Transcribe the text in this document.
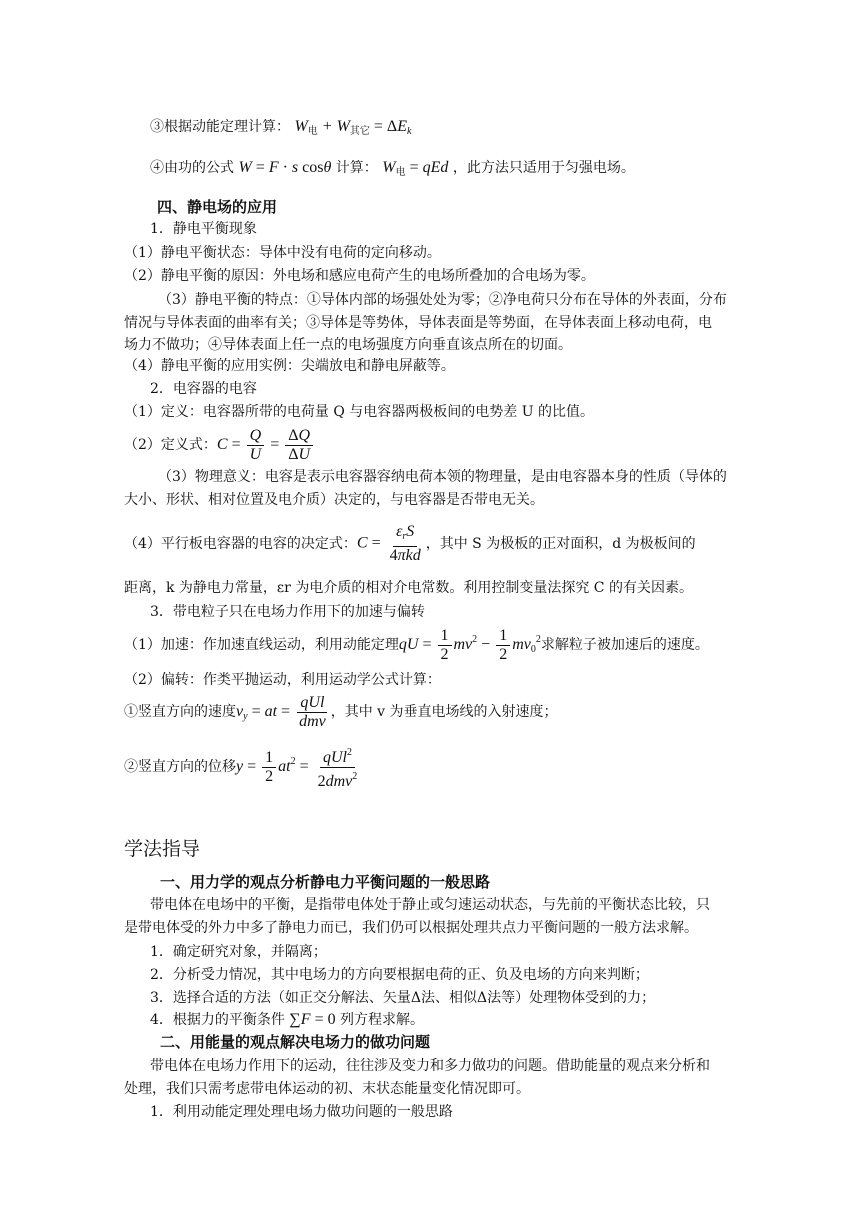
③根据动能定理计算： $W_电 + W_{其它} = \Delta E_k$
④由功的公式 W = F · s cosθ 计算： $W_电$ = qEd ，此方法只适用于匀强电场。
四、静电场的应用
1．静电平衡现象
（1）静电平衡状态：导体中没有电荷的定向移动。
（2）静电平衡的原因：外电场和感应电荷产生的电场所叠加的合电场为零。
（3）静电平衡的特点：①导体内部的场强处处为零；②净电荷只分布在导体的外表面，分布
情况与导体表面的曲率有关；③导体是等势体，导体表面是等势面，在导体表面上移动电荷，电
场力不做功；④导体表面上任一点的电场强度方向垂直该点所在的切面。
（4）静电平衡的应用实例：尖端放电和静电屏蔽等。
2．电容器的电容
（1）定义：电容器所带的电荷量 Q 与电容器两极板间的电势差 U 的比值。
（2）定义式： $C = \frac{Q}{U} = \frac{\Delta Q}{\Delta U}$
（3）物理意义：电容是表示电容器容纳电荷本领的物理量，是由电容器本身的性质（导体的
大小、形状、相对位置及电介质）决定的，与电容器是否带电无关。
（4）平行板电容器的电容的决定式： $C = \frac{\varepsilon_rS}{\text{4πkd}}$ ，其中 S 为极板的正对面积，d 为极板间的
距离，k 为静电力常量，εr 为电介质的相对介电常数。利用控制变量法探究 C 的有关因素。
3．带电粒子只在电场力作用下的加速与偏转
（1）加速：作加速直线运动，利用动能定理 qU = $\frac{1}{2} mv^2 - \frac{1}{2} mv_0^2$ 求解粒子被加速后的速度。
（2）偏转：作类平抛运动，利用运动学公式计算：
①竖直方向的速度 $v_y$ = at = $\frac{\text{qUl}}{\text{dmv}}$ ，其中 v 为垂直电场线的入射速度；
②竖直方向的位移 $y = \frac{1}{2} at^2 = \frac{qUl^2}{2dmv^2}$
学法指导
一、用力学的观点分析静电力平衡问题的一般思路
带电体在电场中的平衡，是指带电体处于静止或匀速运动状态，与先前的平衡状态比较，只
是带电体受的外力中多了静电力而已，我们仍可以根据处理共点力平衡问题的一般方法求解。
1．确定研究对象，并隔离；
2．分析受力情况，其中电场力的方向要根据电荷的正、负及电场的方向来判断；
3．选择合适的方法（如正交分解法、矢量Δ法、相似Δ法等）处理物体受到的力；
4．根据力的平衡条件 ∑F = 0 列方程求解。
二、用能量的观点解决电场力的做功问题
带电体在电场力作用下的运动，往往涉及变力和多力做功的问题。借助能量的观点来分析和
处理，我们只需考虑带电体运动的初、末状态能量变化情况即可。
1．利用动能定理处理电场力做功问题的一般思路
